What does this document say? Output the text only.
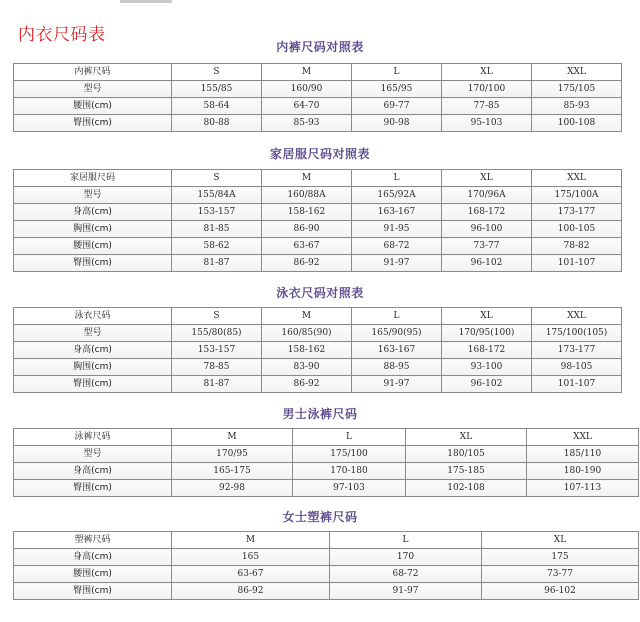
内衣尺码表
内裤尺码对照表
内裤尺码	S	M	L	XL	XXL
型号	155/85	160/90	165/95	170/100	175/105
腰围(cm)	58-64	64-70	69-77	77-85	85-93
臀围(cm)	80-88	85-93	90-98	95-103	100-108
家居服尺码对照表
家居服尺码	S	M	L	XL	XXL
型号	155/84A	160/88A	165/92A	170/96A	175/100A
身高(cm)	153-157	158-162	163-167	168-172	173-177
胸围(cm)	81-85	86-90	91-95	96-100	100-105
腰围(cm)	58-62	63-67	68-72	73-77	78-82
臀围(cm)	81-87	86-92	91-97	96-102	101-107
泳衣尺码对照表
泳衣尺码	S	M	L	XL	XXL
型号	155/80(85)	160/85(90)	165/90(95)	170/95(100)	175/100(105)
身高(cm)	153-157	158-162	163-167	168-172	173-177
胸围(cm)	78-85	83-90	88-95	93-100	98-105
臀围(cm)	81-87	86-92	91-97	96-102	101-107
男士泳裤尺码
泳裤尺码	M	L	XL	XXL
型号	170/95	175/100	180/105	185/110
身高(cm)	165-175	170-180	175-185	180-190
臀围(cm)	92-98	97-103	102-108	107-113
女士塑裤尺码
塑裤尺码	M	L	XL
身高(cm)	165	170	175
腰围(cm)	63-67	68-72	73-77
臀围(cm)	86-92	91-97	96-102
